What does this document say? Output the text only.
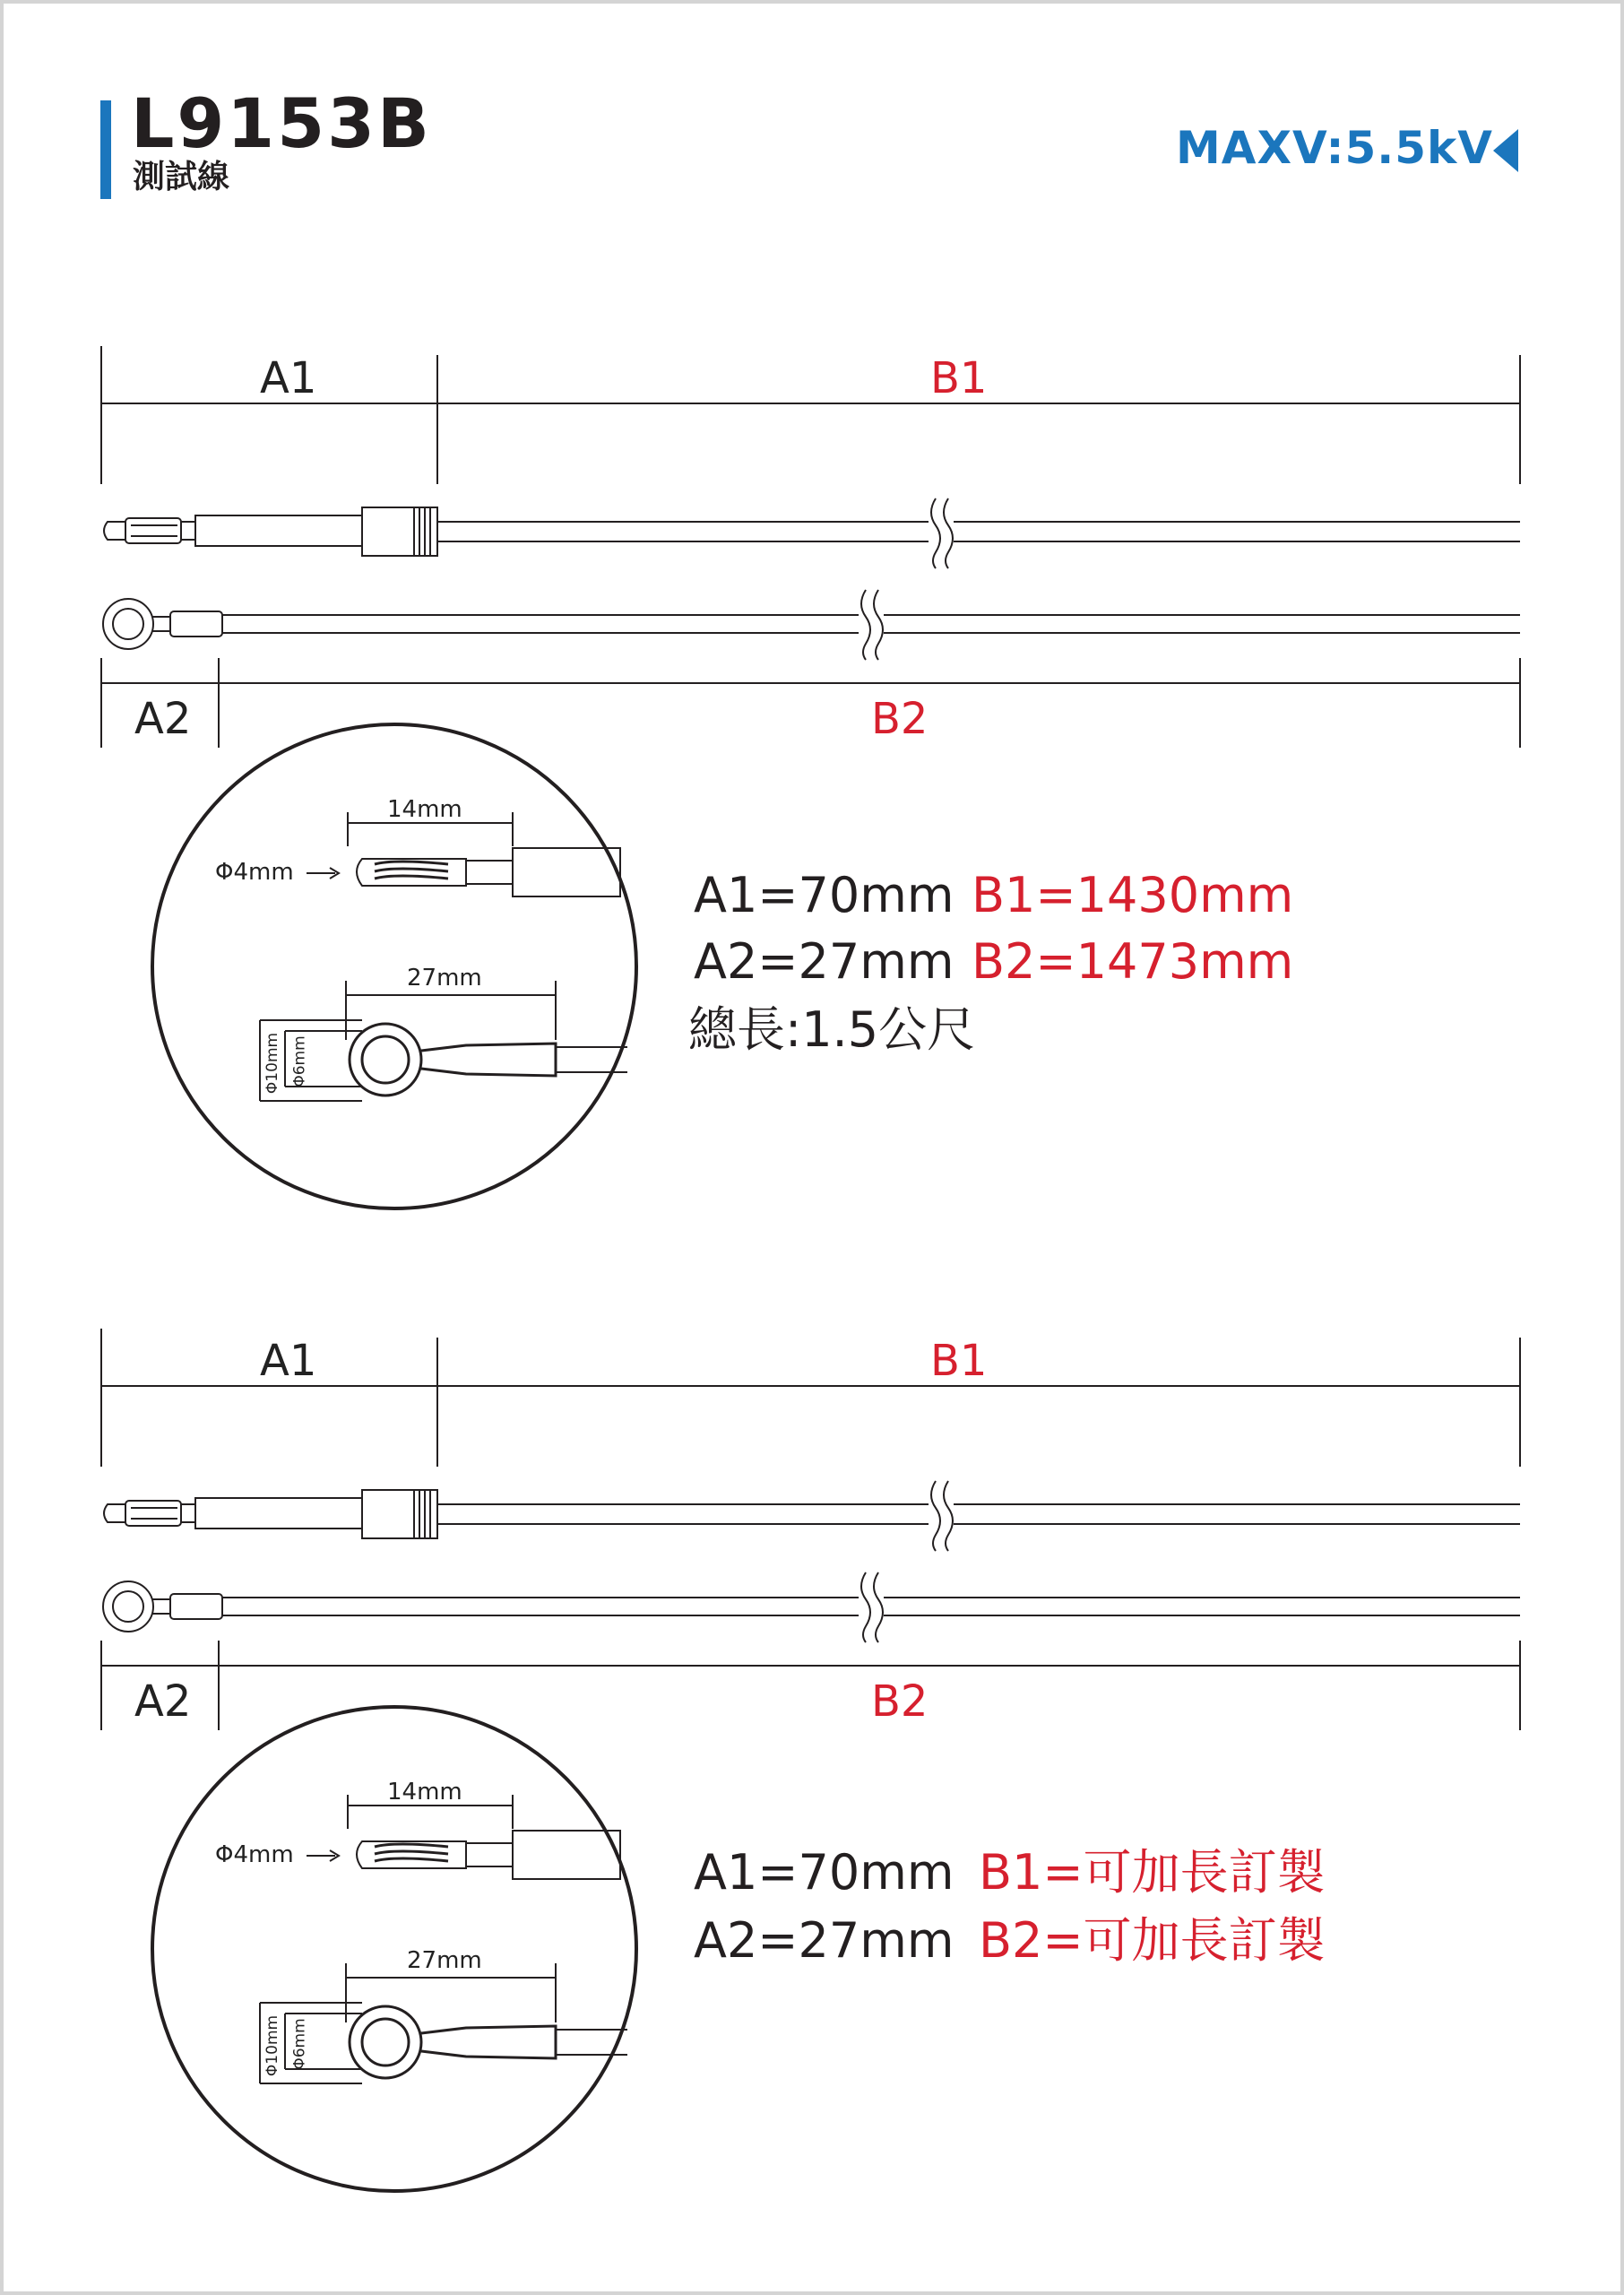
L9153B
測試線
MAXV:5.5kV
A1	B1
A2	B2
14mm
Φ4mm
27mm
Φ10mm Φ6mm
A1=70mm B1=1430mm
A2=27mm B2=1473mm
總長:1.5公尺
A1	B1
A2	B2
14mm
Φ4mm
27mm
Φ10mm Φ6mm
A1=70mm B1=可加長訂製
A2=27mm B2=可加長訂製
